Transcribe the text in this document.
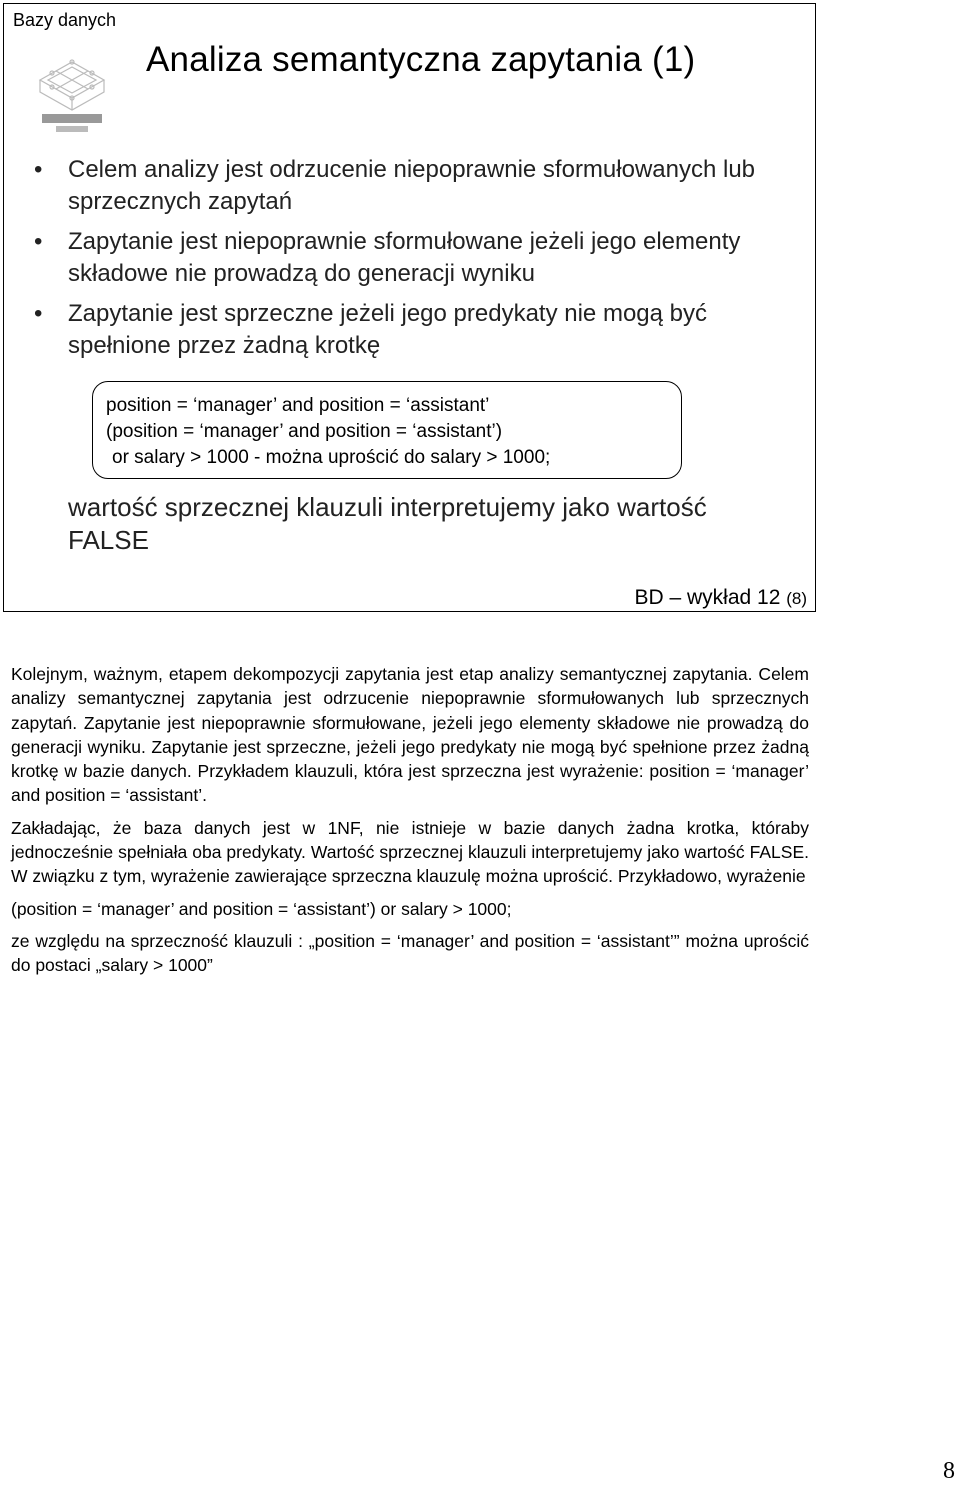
Bazy danych
Analiza semantyczna zapytania (1)
• Celem analizy jest odrzucenie niepoprawnie sformułowanych lub sprzecznych zapytań
• Zapytanie jest niepoprawnie sformułowane jeżeli jego elementy składowe nie prowadzą do generacji wyniku
• Zapytanie jest sprzeczne jeżeli jego predykaty nie mogą być spełnione przez żadną krotkę
position = ‘manager’ and position = ‘assistant’
(position = ‘manager’ and position = ‘assistant’)
or salary > 1000 - można uprościć do salary > 1000;
wartość sprzecznej klauzuli interpretujemy jako wartość FALSE
BD – wykład 12 (8)

Kolejnym, ważnym, etapem dekompozycji zapytania jest etap analizy semantycznej zapytania. Celem analizy semantycznej zapytania jest odrzucenie niepoprawnie sformułowanych lub sprzecznych zapytań. Zapytanie jest niepoprawnie sformułowane, jeżeli jego elementy składowe nie prowadzą do generacji wyniku. Zapytanie jest sprzeczne, jeżeli jego predykaty nie mogą być spełnione przez żadną krotkę w bazie danych. Przykładem klauzuli, która jest sprzeczna jest wyrażenie: position = ‘manager’ and position = ‘assistant’.

Zakładając, że baza danych jest w 1NF, nie istnieje w bazie danych żadna krotka, któraby jednocześnie spełniała oba predykaty. Wartość sprzecznej klauzuli interpretujemy jako wartość FALSE. W związku z tym, wyrażenie zawierające sprzeczna klauzulę można uprościć. Przykładowo, wyrażenie

(position = ‘manager’ and position = ‘assistant’) or salary > 1000;

ze względu na sprzeczność klauzuli : „position = ‘manager’ and position = ‘assistant’” można uprościć do postaci „salary > 1000”

8
